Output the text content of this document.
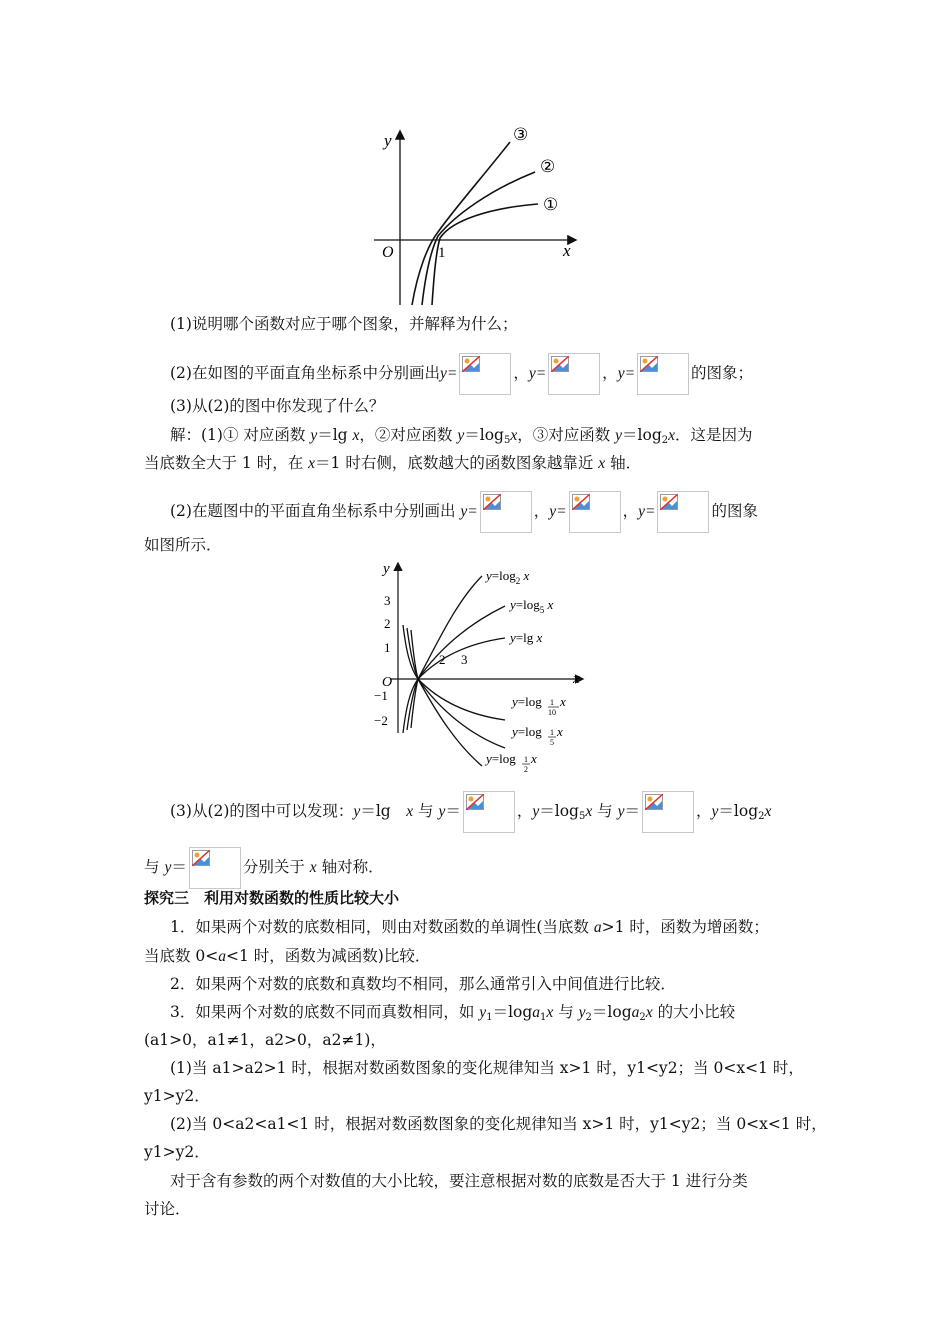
y
x
O	1
③
②
①
(1)说明哪个函数对应于哪个图象，并解释为什么；
(2)在如图的平面直角坐标系中分别画出y=	，y=	，y=	的图象；
(3)从(2)的图中你发现了什么？
解：(1)① 对应函数 y＝lg x，②对应函数 $y=\log_5x$，③对应函数 $y=\log_2x$．这是因为
当底数全大于 1 时，在 x＝1 时右侧，底数越大的函数图象越靠近 x 轴．
(2)在题图中的平面直角坐标系中分别画出 y=	，y=	，y=	的图象
如图所示．
y
x
O
3
2
1
−1
−2
2 3
$y=\log_2$ x
$y=\log_5$ x
y=lg x
y=log 1
10
x
y=log 1
5
x
y=log 1
2
x
(3)从(2)的图中可以发现：y＝lg　x 与 y＝	，$y=\log_5x$ 与 y＝	，$y=\log_2x$
与 y＝	分别关于 x 轴对称．
探究三　利用对数函数的性质比较大小
1．如果两个对数的底数相同，则由对数函数的单调性(当底数 a>1 时，函数为增函数；
当底数 0<a<1 时，函数为减函数)比较．
2．如果两个对数的底数和真数均不相同，那么通常引入中间值进行比较．
3．如果两个对数的底数不同而真数相同，如 $y_1=\log a_1x$ 与 $y_2=\log a_2x$ 的大小比较
(a1>0，a1≠1，a2>0，a2≠1)，
(1)当 a1>a2>1 时，根据对数函数图象的变化规律知当 x>1 时，y1<y2；当 0<x<1 时，
y1>y2．
(2)当 0<a2<a1<1 时，根据对数函数图象的变化规律知当 x>1 时，y1<y2；当 0<x<1 时，
y1>y2．
对于含有参数的两个对数值的大小比较，要注意根据对数的底数是否大于 1 进行分类
讨论．
